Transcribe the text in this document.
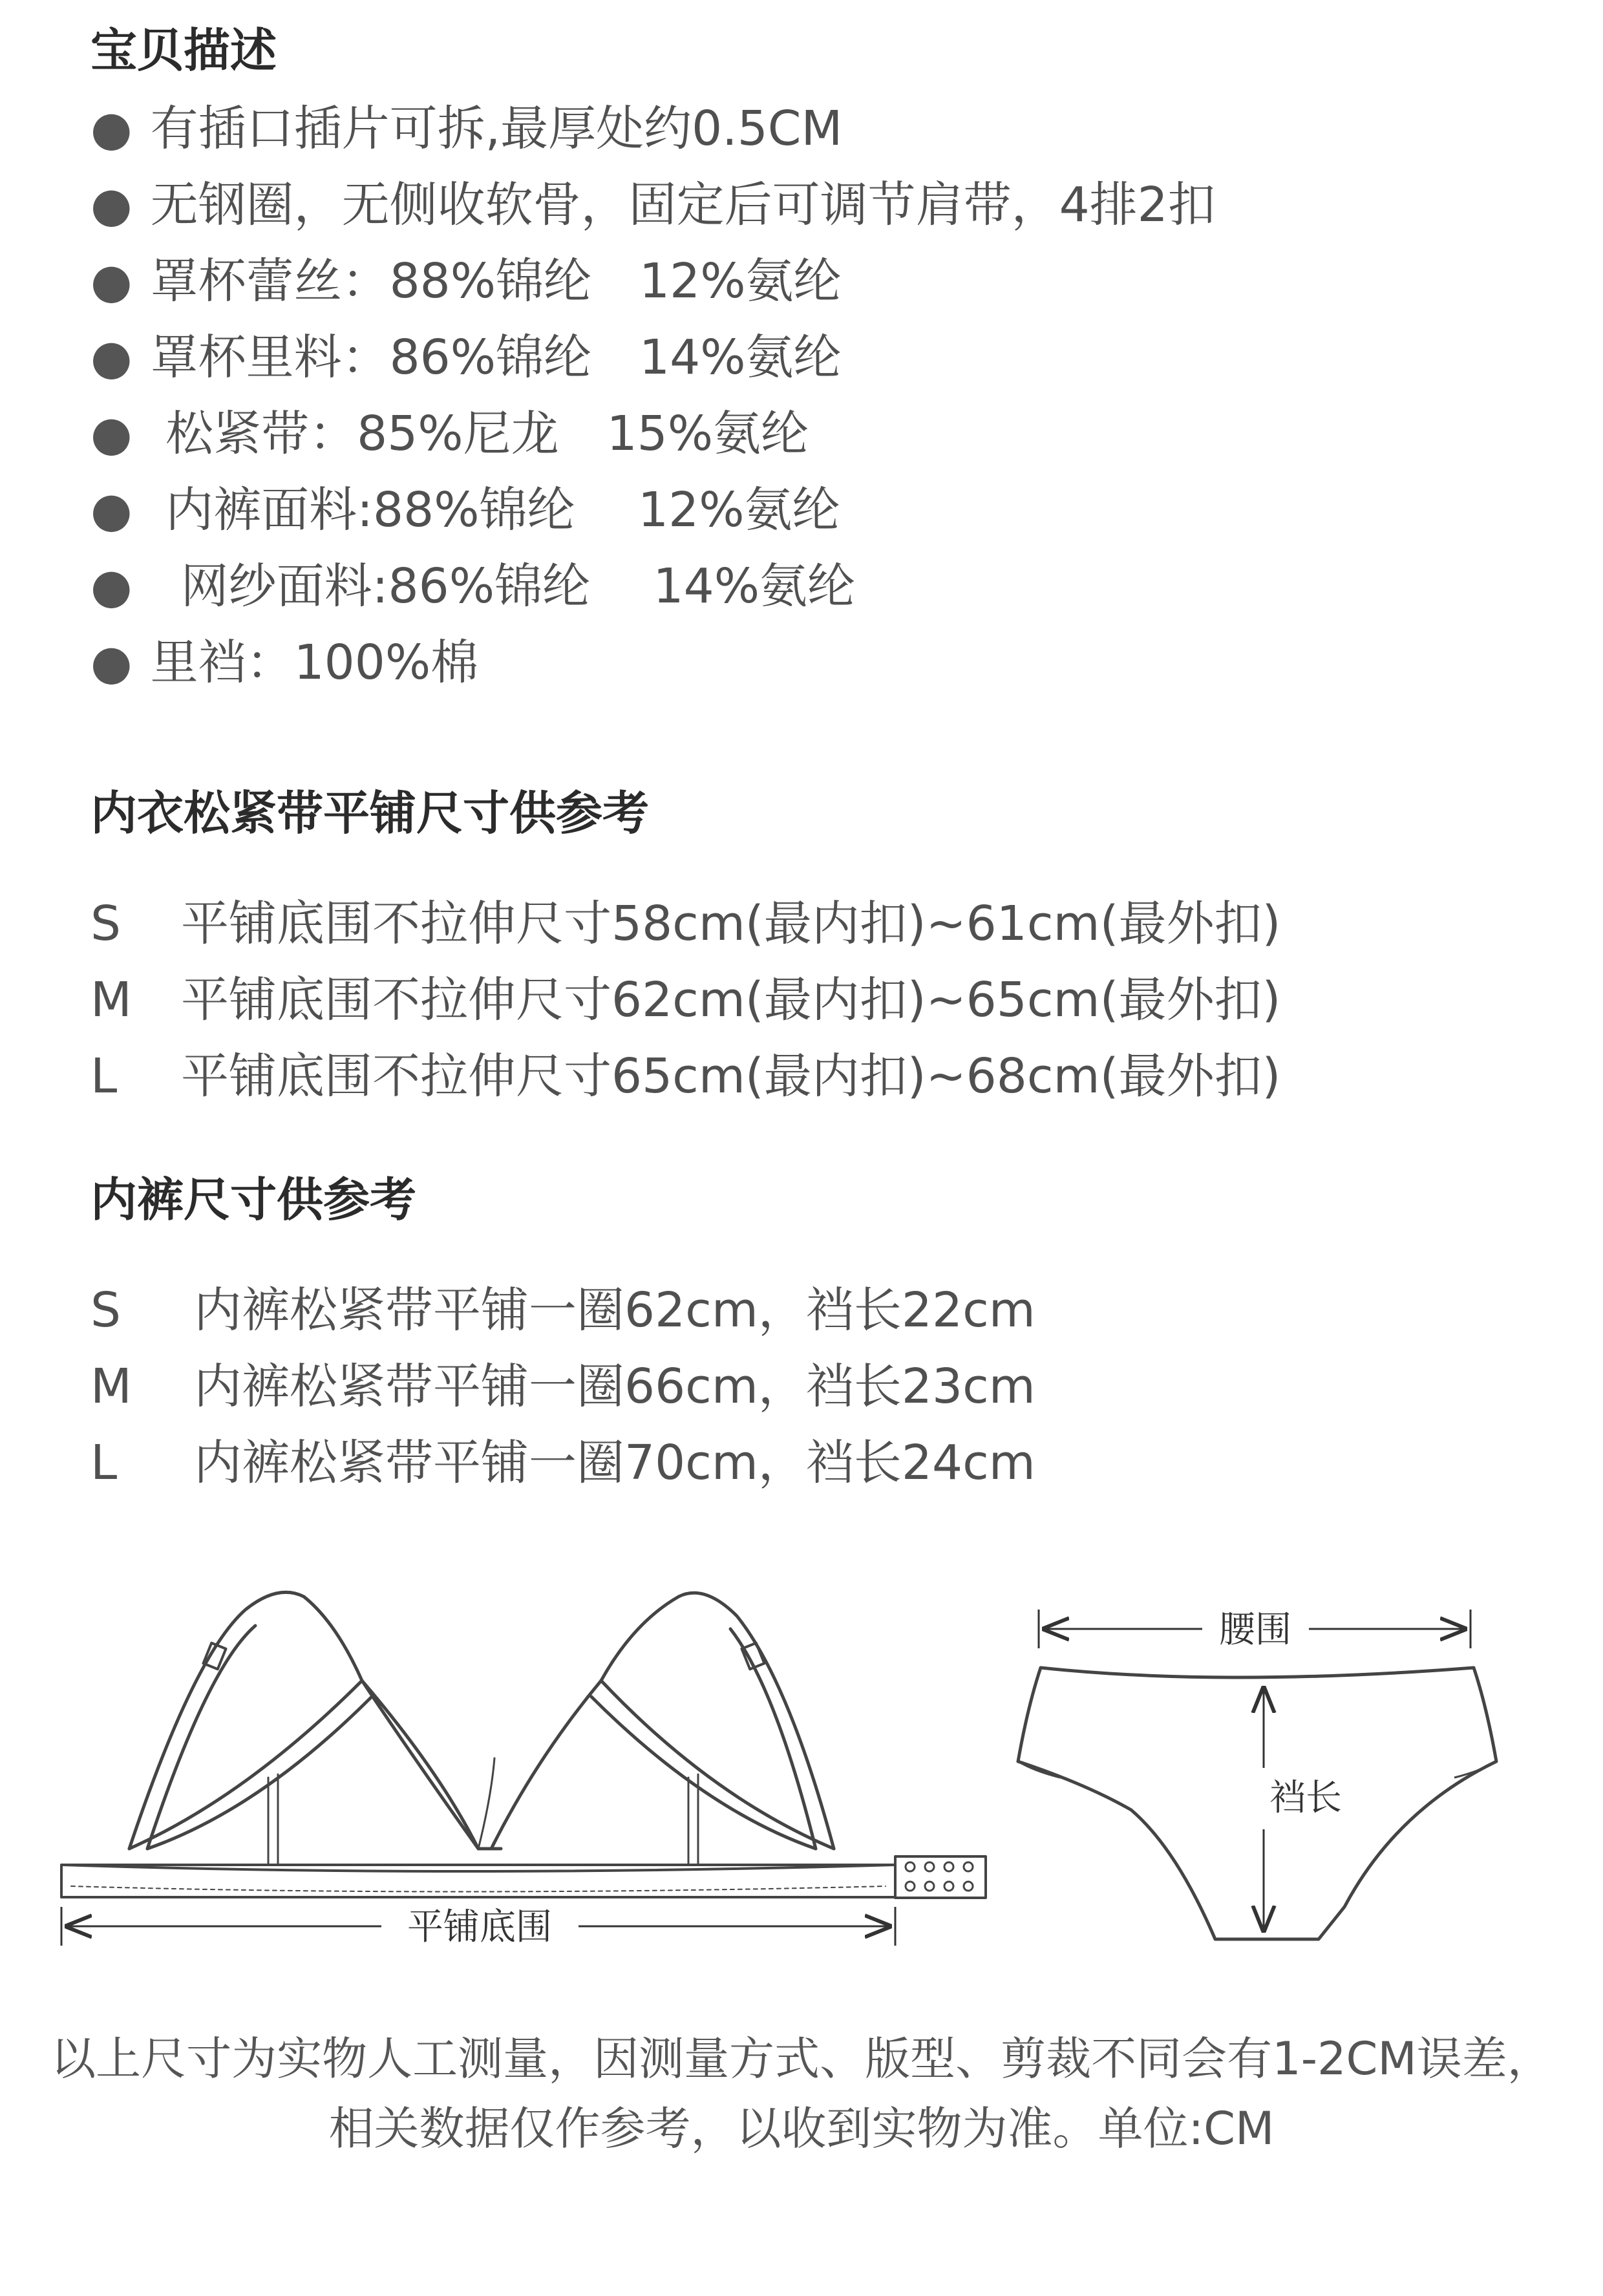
宝贝描述
● 有插口插片可拆,最厚处约0.5CM
● 无钢圈，无侧收软骨，固定后可调节肩带，4排2扣
● 罩杯蕾丝：88%锦纶　12%氨纶
● 罩杯里料：86%锦纶　14%氨纶
● 松紧带：85%尼龙　15%氨纶
● 内裤面料:88%锦纶　 12%氨纶
●  网纱面料:86%锦纶　 14%氨纶
● 里裆：100%棉
内衣松紧带平铺尺寸供参考
S 平铺底围不拉伸尺寸58cm(最内扣)~61cm(最外扣)
M 平铺底围不拉伸尺寸62cm(最内扣)~65cm(最外扣)
L 平铺底围不拉伸尺寸65cm(最内扣)~68cm(最外扣)
内裤尺寸供参考
S 内裤松紧带平铺一圈62cm，裆长22cm
M 内裤松紧带平铺一圈66cm，裆长23cm
L 内裤松紧带平铺一圈70cm，裆长24cm
平铺底围
腰围
裆长
以上尺寸为实物人工测量，因测量方式、版型、剪裁不同会有1-2CM误差，
相关数据仅作参考，以收到实物为准。单位:CM
